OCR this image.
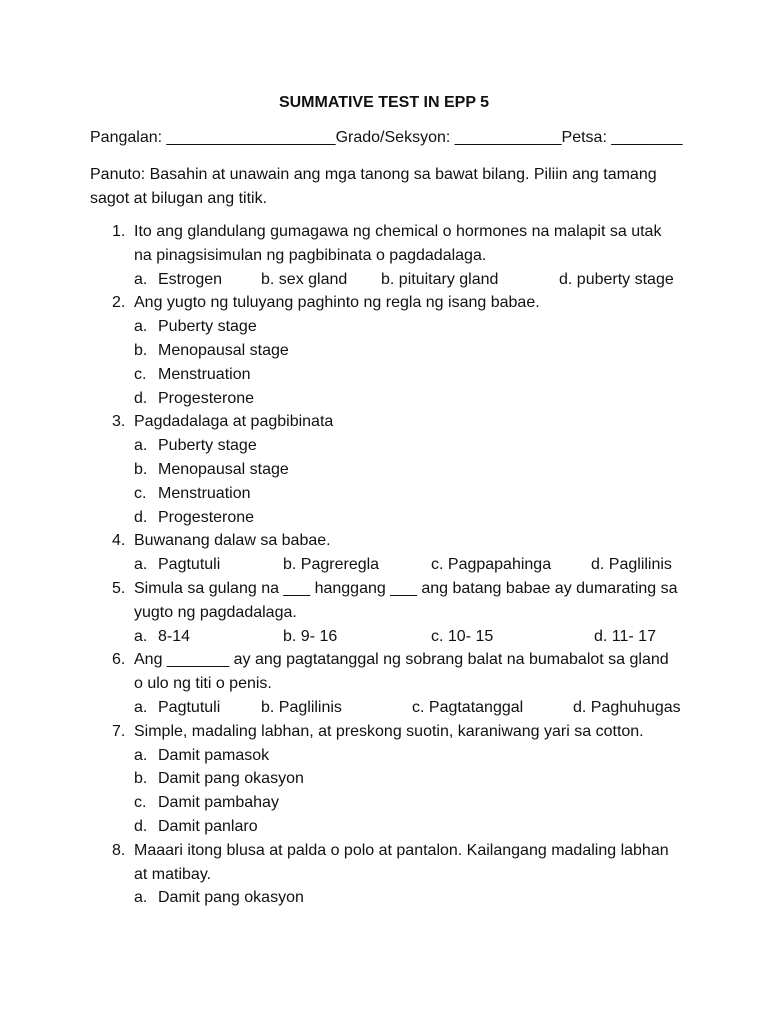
SUMMATIVE TEST IN EPP 5
Pangalan: ___________________Grado/Seksyon: ____________Petsa: ________
Panuto: Basahin at unawain ang mga tanong sa bawat bilang. Piliin ang tamang sagot at bilugan ang titik.
1. Ito ang glandulang gumagawa ng chemical o hormones na malapit sa utak na pinagsisimulan ng pagbibinata o pagdadalaga.
a. Estrogen b. sex gland b. pituitary gland	d. puberty stage
2. Ang yugto ng tuluyang paghinto ng regla ng isang babae.
a. Puberty stage
b. Menopausal stage
c. Menstruation
d. Progesterone
3. Pagdadalaga at pagbibinata
a. Puberty stage
b. Menopausal stage
c. Menstruation
d. Progesterone
4. Buwanang dalaw sa babae.
a. Pagtutuli	b. Pagreregla	c. Pagpapahinga d. Paglilinis
5. Simula sa gulang na ___ hanggang ___ ang batang babae ay dumarating sa yugto ng pagdadalaga.
a. 8-14	b. 9- 16	c. 10- 15	d. 11- 17
6. Ang _______ ay ang pagtatanggal ng sobrang balat na bumabalot sa gland o ulo ng titi o penis.
a. Pagtutuli	b. Paglilinis	c. Pagtatanggal	d. Paghuhugas
7. Simple, madaling labhan, at preskong suotin, karaniwang yari sa cotton.
a. Damit pamasok
b. Damit pang okasyon
c. Damit pambahay
d. Damit panlaro
8. Maaari itong blusa at palda o polo at pantalon. Kailangang madaling labhan at matibay.
a. Damit pang okasyon
